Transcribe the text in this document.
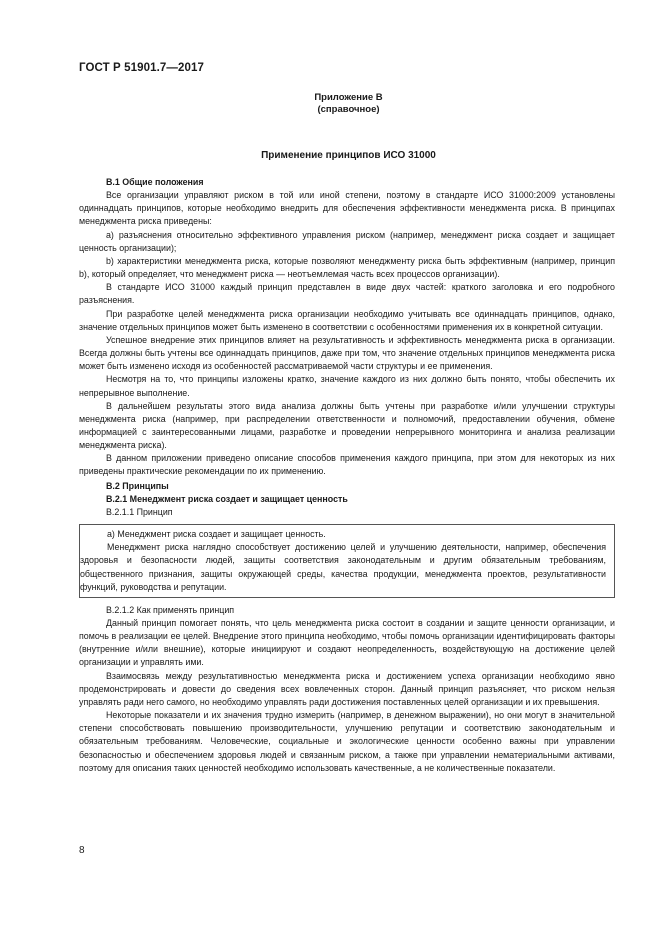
ГОСТ Р 51901.7—2017
Приложение В
(справочное)
Применение принципов ИСО 31000
В.1 Общие положения

Все организации управляют риском в той или иной степени, поэтому в стандарте ИСО 31000:2009 установлены одиннадцать принципов, которые необходимо внедрить для обеспечения эффективности менеджмента риска. В принципах менеджмента риска приведены:

а) разъяснения относительно эффективного управления риском (например, менеджмент риска создает и защищает ценность организации);

b) характеристики менеджмента риска, которые позволяют менеджменту риска быть эффективным (например, принцип b), который определяет, что менеджмент риска — неотъемлемая часть всех процессов организации).

В стандарте ИСО 31000 каждый принцип представлен в виде двух частей: краткого заголовка и его подробного разъяснения.

При разработке целей менеджмента риска организации необходимо учитывать все одиннадцать принципов, однако, значение отдельных принципов может быть изменено в соответствии с особенностями применения их в конкретной ситуации.

Успешное внедрение этих принципов влияет на результативность и эффективность менеджмента риска в организации. Всегда должны быть учтены все одиннадцать принципов, даже при том, что значение отдельных принципов менеджмента риска может быть изменено исходя из особенностей рассматриваемой части структуры и ее применения.

Несмотря на то, что принципы изложены кратко, значение каждого из них должно быть понято, чтобы обеспечить их непрерывное выполнение.

В дальнейшем результаты этого вида анализа должны быть учтены при разработке и/или улучшении структуры менеджмента риска (например, при распределении ответственности и полномочий, предоставлении обучения, обмене информацией с заинтересованными лицами, разработке и проведении непрерывного мониторинга и анализа реализации менеджмента риска).

В данном приложении приведено описание способов применения каждого принципа, при этом для некоторых из них приведены практические рекомендации по их применению.

В.2 Принципы
В.2.1 Менеджмент риска создает и защищает ценность
В.2.1.1 Принцип

а) Менеджмент риска создает и защищает ценность.

Менеджмент риска наглядно способствует достижению целей и улучшению деятельности, например, обеспечения здоровья и безопасности людей, защиты соответствия законодательным и другим обязательным требованиям, общественного признания, защиты окружающей среды, качества продукции, менеджмента проектов, результативности функций, руководства и репутации.

В.2.1.2 Как применять принцип

Данный принцип помогает понять, что цель менеджмента риска состоит в создании и защите ценности организации, и помочь в реализации ее целей. Внедрение этого принципа необходимо, чтобы помочь организации идентифицировать факторы (внутренние и/или внешние), которые инициируют и создают неопределенность, воздействующую на достижение целей организации и управлять ими.

Взаимосвязь между результативностью менеджмента риска и достижением успеха организации необходимо явно продемонстрировать и довести до сведения всех вовлеченных сторон. Данный принцип разъясняет, что риском нельзя управлять ради него самого, но необходимо управлять ради достижения поставленных целей организации и их превышения.

Некоторые показатели и их значения трудно измерить (например, в денежном выражении), но они могут в значительной степени способствовать повышению производительности, улучшению репутации и соответствию законодательным и обязательным требованиям. Человеческие, социальные и экологические ценности особенно важны при управлении безопасностью и обеспечением здоровья людей и связанным риском, а также при управлении нематериальными активами, поэтому для описания таких ценностей необходимо использовать качественные, а не количественные показатели.

8
